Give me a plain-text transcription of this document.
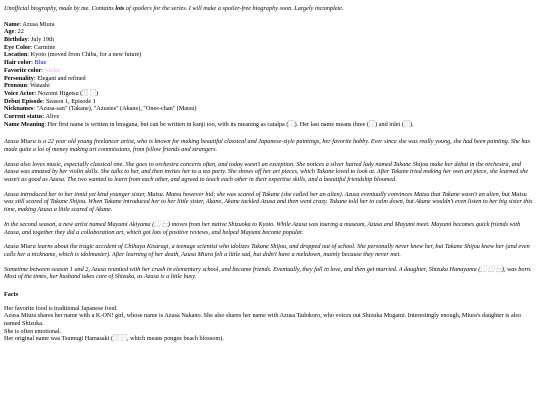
Unofficial biography, made by me. Contains lots of spoilers for the series. I will make a spoiler-free biography soon. Largely incomplete.

Name: Azusa Miura

Age: 22

Birthday: July 19th

Eye Color: Carmine

Location: Kyoto (moved from Chiba, for a new future)

Hair color: Blue

Favorite color: Violet

Personality: Elegant and refined

Pronoun: Watashi

Voice Actor: Nozomi Higetsu (⿲ ⿱)

Debut Episode: Season 1, Episode 1

Nicknames: "Azusa-san" (Takane), "Azusies" (Akane), "Onee-chan" (Matsu)

Current status: Alive

Name Meaning: Her first name is written in hiragana, but can be written in kanji too, with its meaning as catalpa (⿰). Her last name means three (⿰) and inlet (⿰).

Azusa Miura is a 22 year old young freelancer artist, who is known for making beautiful classical and Japanese-style paintings, her favorite hobby. Ever since she was really young, she had been painting. She has made quite a lot of money making art commissions, from fellow friends and strangers.

Azusa also loves music, especially classical one. She goes to orchestra concerts often, and today wasn't an exception. She notices a silver haired lady named Takane Shijou make her debut in the orchestra, and Azusa was amazed by her violin skills. She talks to her, and then invites her to a tea party. She shows off her art pieces, which Takane loved to look at. After Takane tried making her own art piece, she learned she wasn't as good as Azusa. The two wanted to learn from each other, and agreed to teach each other in their expertise skills, and a beautiful friendship bloomed.

Azusa introduced her to her timid yet kind younger sister, Matsu. Matsu however hid; she was scared of Takane (she called her an alien). Azusa eventually convinces Matsu that Takane wasn't an alien, but Matsu was still scared of Takane Shijou. When Takane introduced her to her little sister, Akane, Akane tackled Azusa and then went crazy. Takane told her to calm down, but Akane wouldn't even listen to her big sister this time, making Azusa a little scared of Akane.

In the second season, a new artist named Mayumi Akiyama (⿰ ⿱) moves from her native Shizuoka to Kyoto. While Azusa was touring a museum, Azusa and Mayumi meet. Mayumi becomes quick friends with Azusa, and together they did a collaboration art, which got lots of positive reviews, and helped Mayumi become popular.

Azusa Miura learns about the tragic accident of Chihaya Kisaragi, a teenage scientist who idolizes Takane Shijou, and dropped out of school. She personally never knew her, but Takane Shijou knew her (and even calls her a nickname, which is idolmaster). After learning of her death, Azusa Miura felt a little sad, but didn't have a meltdown, mainly because they never met.

Sometime between season 1 and 2, Azusa reunited with her crush in elementary school, and became friends. Eventually, they fall in love, and then get married. A daughter, Shizuka Hanayama (⿰ ⿰ ⿱), was born. Most of the times, her husband takes care of Shizuka, as Azusa is a little busy.

Facts

Her favorite food is traditional Japanese food.

Azusa Miura shares her name with a K-ON! girl, whose name is Azusa Nakano. She also shares her name with Azusa Tadokoro, who voices out Shizuka Mogami. Interestingly enough, Miura's daughter is also named Shizuka.

She is often emotional.

Her original name was Tsumugi Hamasaki (⿰ ⿱, which means pongee beach blossom).
